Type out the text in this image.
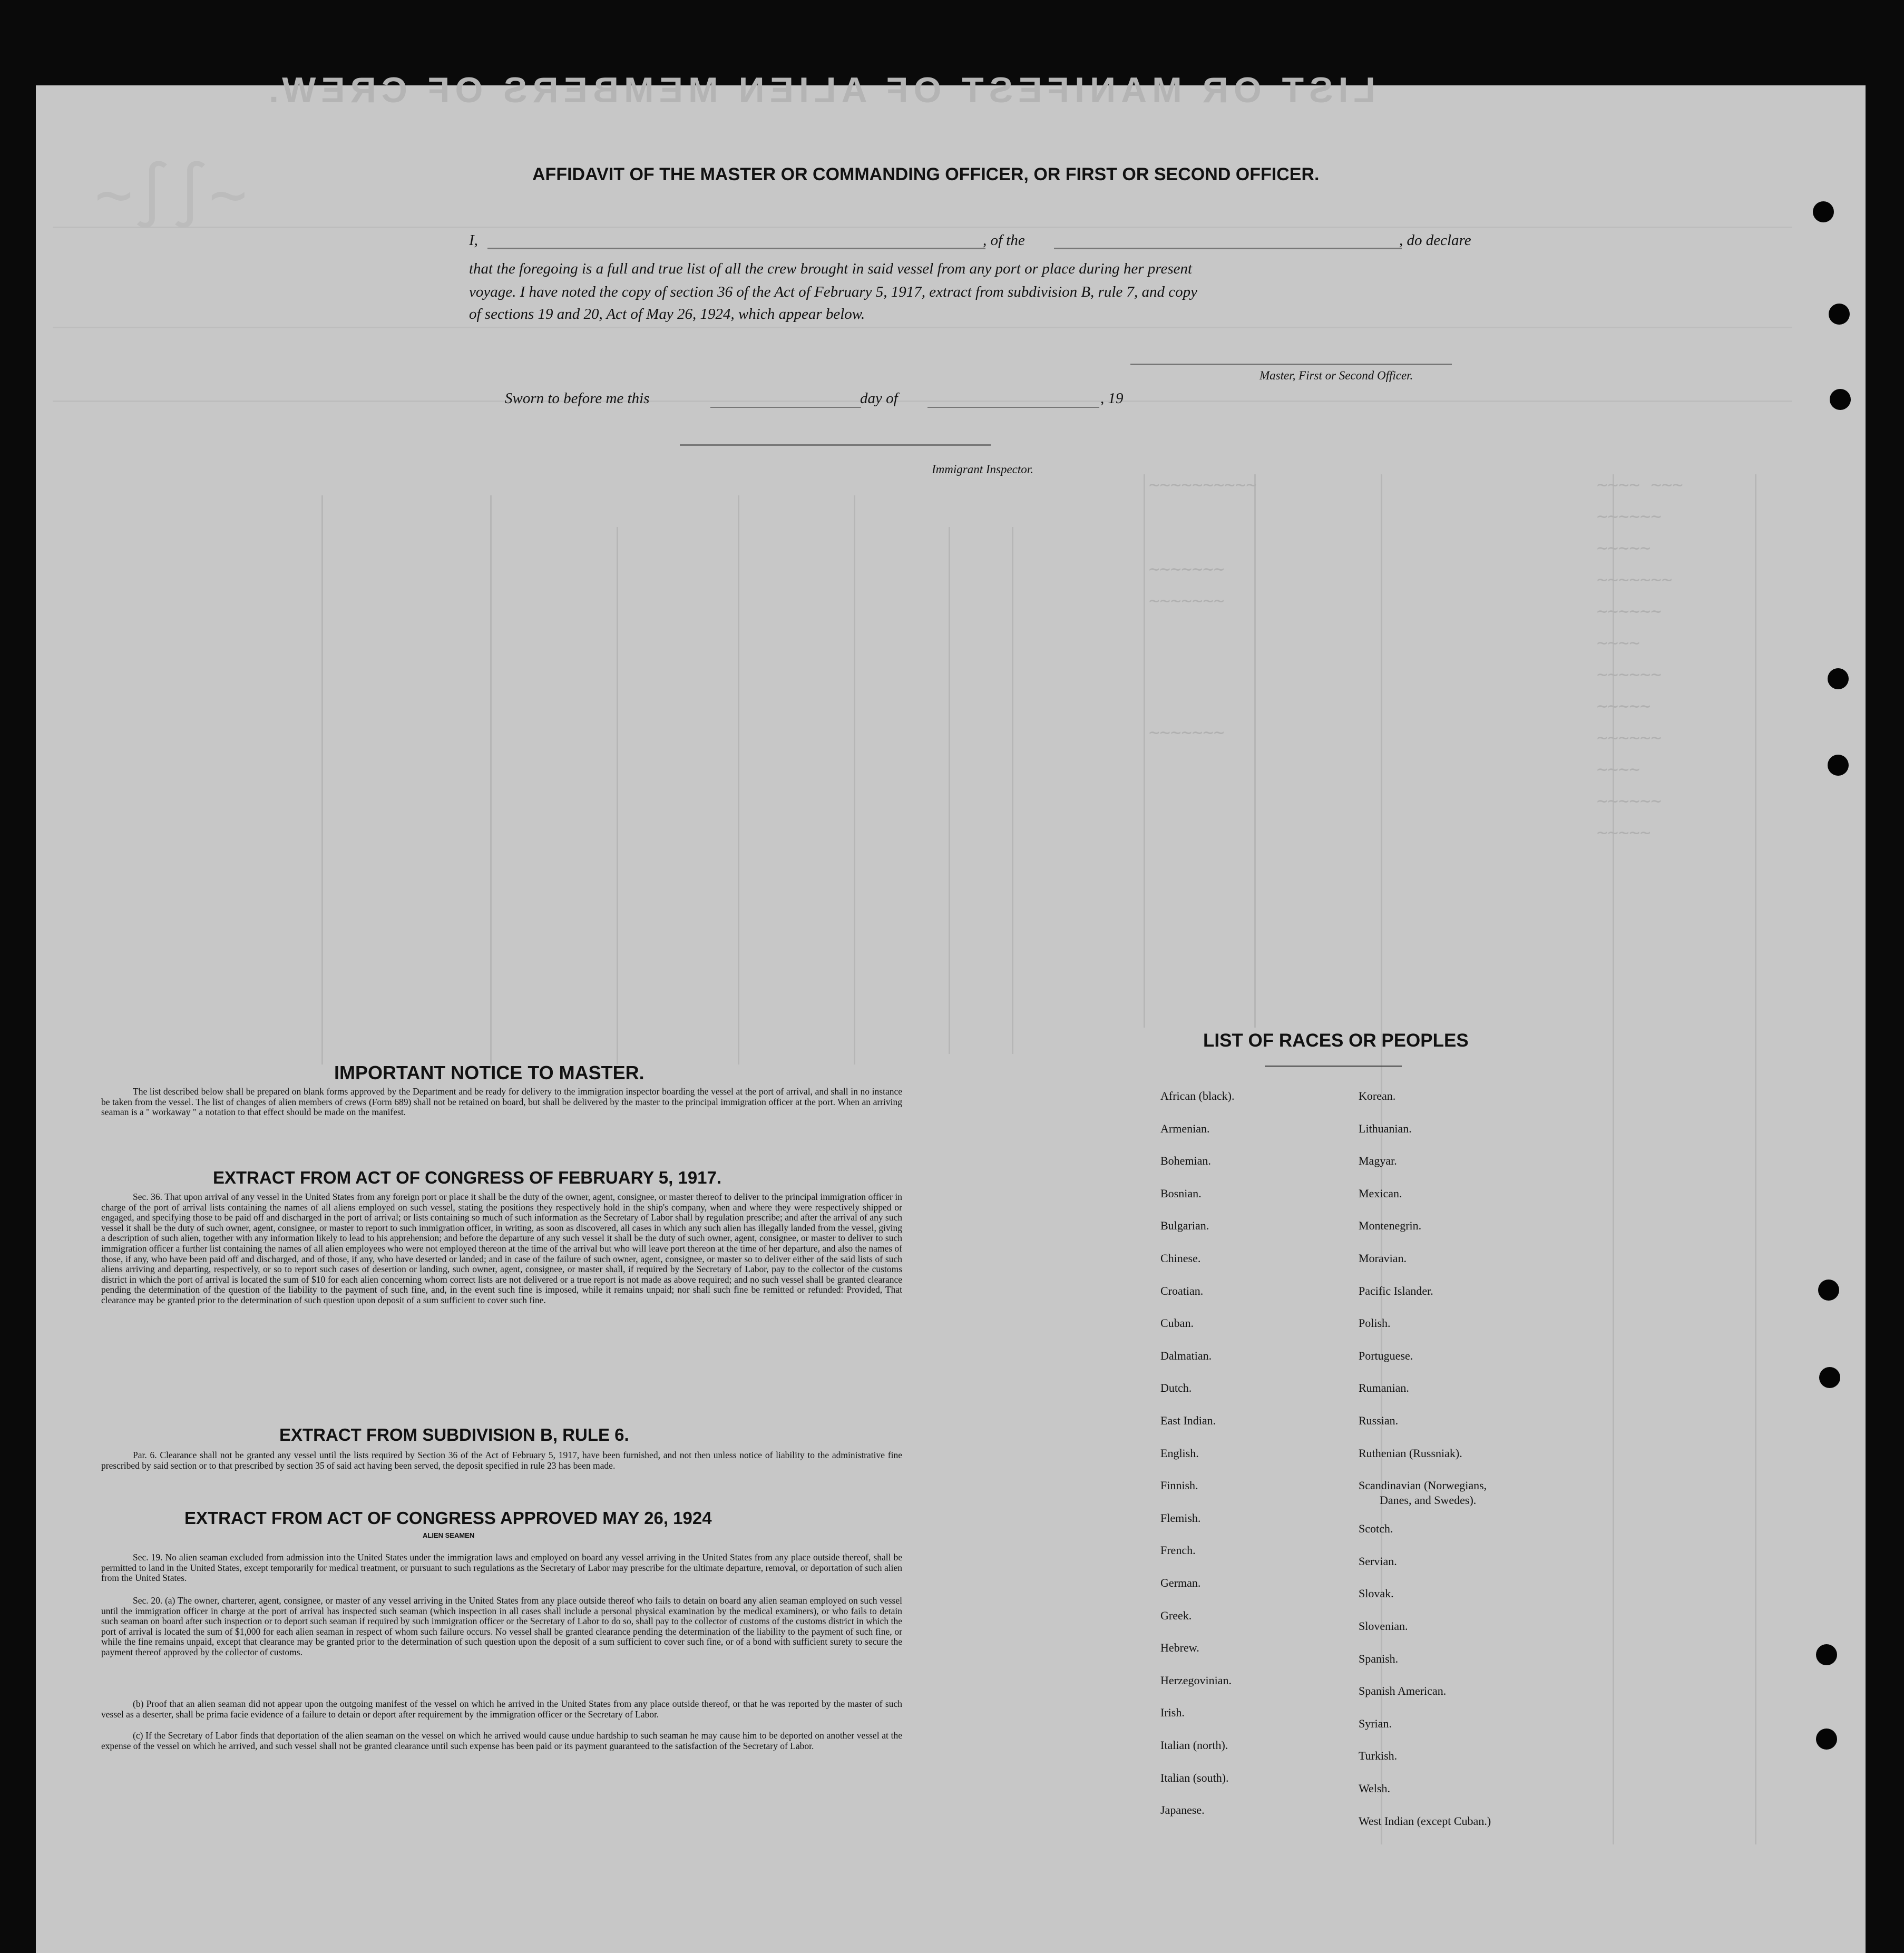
LIST OR MANIFEST OF ALIEN MEMBERS OF CREW.
~~~~ ~~~
~~~~~~
~~~~~
~~~~~~~
~~~~~~
~~~~
~~~~~~
~~~~~
~~~~~~
~~~~
~~~~~~
~~~~~
~~~~~~~~~~
~~~~~~~
~~~~~~~
~~~~~~~
~∫∫~	AFFIDAVIT OF THE MASTER OR COMMANDING OFFICER, OR FIRST OR SECOND OFFICER.
I,	, of the	, do declare
that the foregoing is a full and true list of all the crew brought in said vessel from any port or place during her present
voyage. I have noted the copy of section 36 of the Act of February 5, 1917, extract from subdivision B, rule 7, and copy
of sections 19 and 20, Act of May 26, 1924, which appear below.
Master, First or Second Officer.
Sworn to before me this	day of	, 19
Immigrant Inspector.
IMPORTANT NOTICE TO MASTER.
The list described below shall be prepared on blank forms approved by the Department and be ready for delivery to the immigration inspector boarding the vessel at the port of arrival, and shall in no instance be taken from the vessel. The list of changes of alien members of crews (Form 689) shall not be retained on board, but shall be delivered by the master to the principal immigration officer at the port. When an arriving seaman is a " workaway " a notation to that effect should be made on the manifest.
EXTRACT FROM ACT OF CONGRESS OF FEBRUARY 5, 1917.
Sec. 36. That upon arrival of any vessel in the United States from any foreign port or place it shall be the duty of the owner, agent, consignee, or master thereof to deliver to the principal immigration officer in charge of the port of arrival lists containing the names of all aliens employed on such vessel, stating the positions they respectively hold in the ship's company, when and where they were respectively shipped or engaged, and specifying those to be paid off and discharged in the port of arrival; or lists containing so much of such information as the Secretary of Labor shall by regulation prescribe; and after the arrival of any such vessel it shall be the duty of such owner, agent, consignee, or master to report to such immigration officer, in writing, as soon as discovered, all cases in which any such alien has illegally landed from the vessel, giving a description of such alien, together with any information likely to lead to his apprehension; and before the departure of any such vessel it shall be the duty of such owner, agent, consignee, or master to deliver to such immigration officer a further list containing the names of all alien employees who were not employed thereon at the time of the arrival but who will leave port thereon at the time of her departure, and also the names of those, if any, who have been paid off and discharged, and of those, if any, who have deserted or landed; and in case of the failure of such owner, agent, consignee, or master so to deliver either of the said lists of such aliens arriving and departing, respectively, or so to report such cases of desertion or landing, such owner, agent, consignee, or master shall, if required by the Secretary of Labor, pay to the collector of the customs district in which the port of arrival is located the sum of $10 for each alien concerning whom correct lists are not delivered or a true report is not made as above required; and no such vessel shall be granted clearance pending the determination of the question of the liability to the payment of such fine, and, in the event such fine is imposed, while it remains unpaid; nor shall such fine be remitted or refunded: Provided, That clearance may be granted prior to the determination of such question upon deposit of a sum sufficient to cover such fine.
EXTRACT FROM SUBDIVISION B, RULE 6.
Par. 6. Clearance shall not be granted any vessel until the lists required by Section 36 of the Act of February 5, 1917, have been furnished, and not then unless notice of liability to the administrative fine prescribed by said section or to that prescribed by section 35 of said act having been served, the deposit specified in rule 23 has been made.
EXTRACT FROM ACT OF CONGRESS APPROVED MAY 26, 1924
ALIEN SEAMEN
Sec. 19. No alien seaman excluded from admission into the United States under the immigration laws and employed on board any vessel arriving in the United States from any place outside thereof, shall be permitted to land in the United States, except temporarily for medical treatment, or pursuant to such regulations as the Secretary of Labor may prescribe for the ultimate departure, removal, or deportation of such alien from the United States.
Sec. 20. (a) The owner, charterer, agent, consignee, or master of any vessel arriving in the United States from any place outside thereof who fails to detain on board any alien seaman employed on such vessel until the immigration officer in charge at the port of arrival has inspected such seaman (which inspection in all cases shall include a personal physical examination by the medical examiners), or who fails to detain such seaman on board after such inspection or to deport such seaman if required by such immigration officer or the Secretary of Labor to do so, shall pay to the collector of customs of the customs district in which the port of arrival is located the sum of $1,000 for each alien seaman in respect of whom such failure occurs. No vessel shall be granted clearance pending the determination of the liability to the payment of such fine, or while the fine remains unpaid, except that clearance may be granted prior to the determination of such question upon the deposit of a sum sufficient to cover such fine, or of a bond with sufficient surety to secure the payment thereof approved by the collector of customs.
(b) Proof that an alien seaman did not appear upon the outgoing manifest of the vessel on which he arrived in the United States from any place outside thereof, or that he was reported by the master of such vessel as a deserter, shall be prima facie evidence of a failure to detain or deport after requirement by the immigration officer or the Secretary of Labor.
(c) If the Secretary of Labor finds that deportation of the alien seaman on the vessel on which he arrived would cause undue hardship to such seaman he may cause him to be deported on another vessel at the expense of the vessel on which he arrived, and such vessel shall not be granted clearance until such expense has been paid or its payment guaranteed to the satisfaction of the Secretary of Labor.
LIST OF RACES OR PEOPLES
African (black).
Armenian.
Bohemian.
Bosnian.
Bulgarian.
Chinese.
Croatian.
Cuban.
Dalmatian.
Dutch.
East Indian.
English.
Finnish.
Flemish.
French.
German.
Greek.
Hebrew.
Herzegovinian.
Irish.
Italian (north).
Italian (south).
Japanese.
Korean.
Lithuanian.
Magyar.
Mexican.
Montenegrin.
Moravian.
Pacific Islander.
Polish.
Portuguese.
Rumanian.
Russian.
Ruthenian (Russniak).
Scandinavian (Norwegians,
Danes, and Swedes).
Scotch.
Servian.
Slovak.
Slovenian.
Spanish.
Spanish American.
Syrian.
Turkish.
Welsh.
West Indian (except Cuban.)
